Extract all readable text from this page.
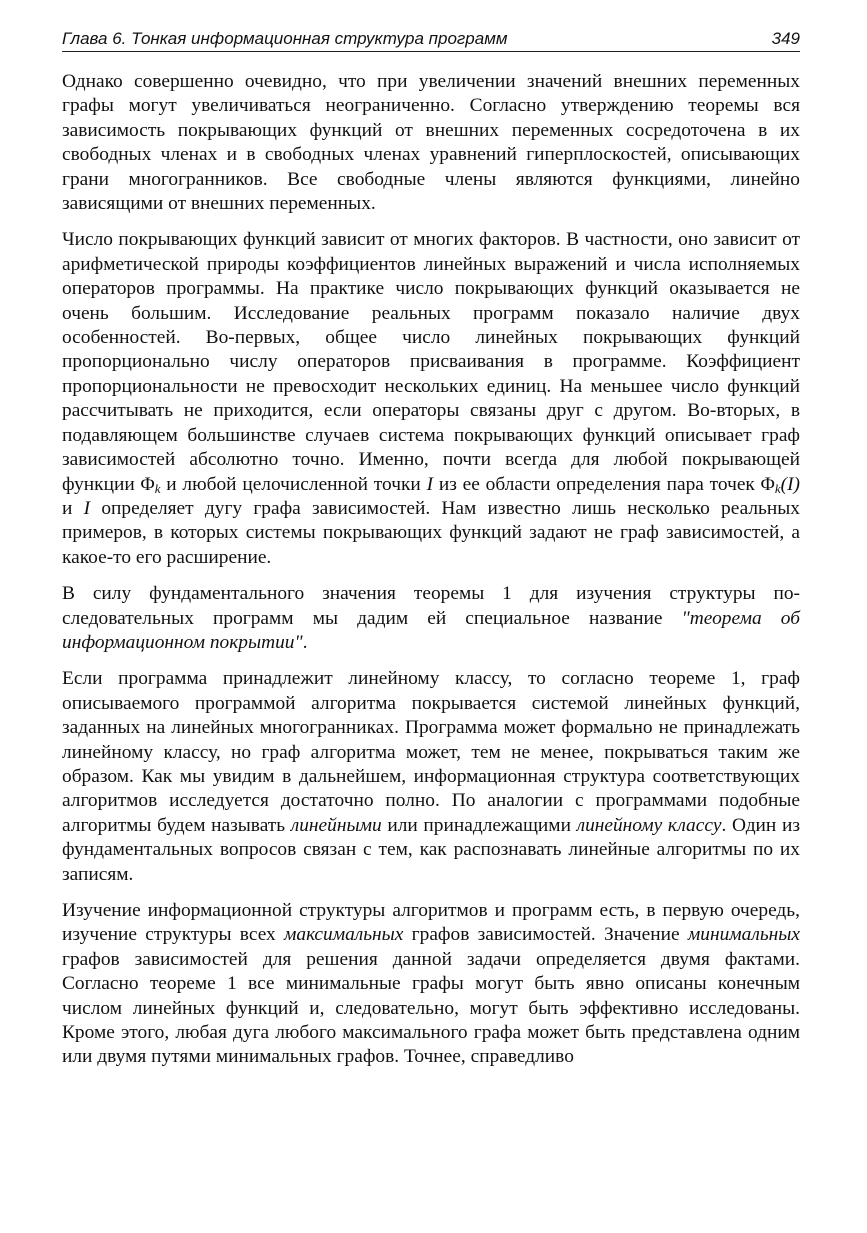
Глава 6. Тонкая информационная структура программ	349

Однако совершенно очевидно, что при увеличении значений внешних переменных графы могут увеличиваться неограниченно. Согласно утверждению теоремы вся зависимость покрывающих функций от внешних переменных сосредоточена в их свободных членах и в свободных членах уравнений гиперплоскостей, описывающих грани многогранников. Все свободные члены являются функциями, линейно зависящими от внешних переменных.

Число покрывающих функций зависит от многих факторов. В частности, оно зависит от арифметической природы коэффициентов линейных выражений и числа исполняемых операторов программы. На практике число покрывающих функций оказывается не очень большим. Исследование реальных программ показало наличие двух особенностей. Во-первых, общее число линейных покрывающих функций пропорционально числу операторов присваивания в программе. Коэффициент пропорциональности не превосходит нескольких единиц. На меньшее число функций рассчитывать не приходится, если операторы связаны друг с другом. Во-вторых, в подавляющем большинстве случаев система покрывающих функций описывает граф зависимостей абсолютно точно. Именно, почти всегда для любой покрывающей функции $\Phi_k$ и любой целочисленной точки I из ее области определения пара точек $\Phi_k(I)$ и I определяет дугу графа зависимостей. Нам известно лишь несколько реальных примеров, в которых системы покрывающих функций задают не граф зависимостей, а какое-то его расширение.

В силу фундаментального значения теоремы 1 для изучения структуры последовательных программ мы дадим ей специальное название "теорема об информационном покрытии".

Если программа принадлежит линейному классу, то согласно теореме 1, граф описываемого программой алгоритма покрывается системой линейных функций, заданных на линейных многогранниках. Программа может формально не принадлежать линейному классу, но граф алгоритма может, тем не менее, покрываться таким же образом. Как мы увидим в дальнейшем, информационная структура соответствующих алгоритмов исследуется достаточно полно. По аналогии с программами подобные алгоритмы будем называть линейными или принадлежащими линейному классу. Один из фундаментальных вопросов связан с тем, как распознавать линейные алгоритмы по их записям.

Изучение информационной структуры алгоритмов и программ есть, в первую очередь, изучение структуры всех максимальных графов зависимостей. Значение минимальных графов зависимостей для решения данной задачи определяется двумя фактами. Согласно теореме 1 все минимальные графы могут быть явно описаны конечным числом линейных функций и, следовательно, могут быть эффективно исследованы. Кроме этого, любая дуга любого максимального графа может быть представлена одним или двумя путями минимальных графов. Точнее, справедливо
